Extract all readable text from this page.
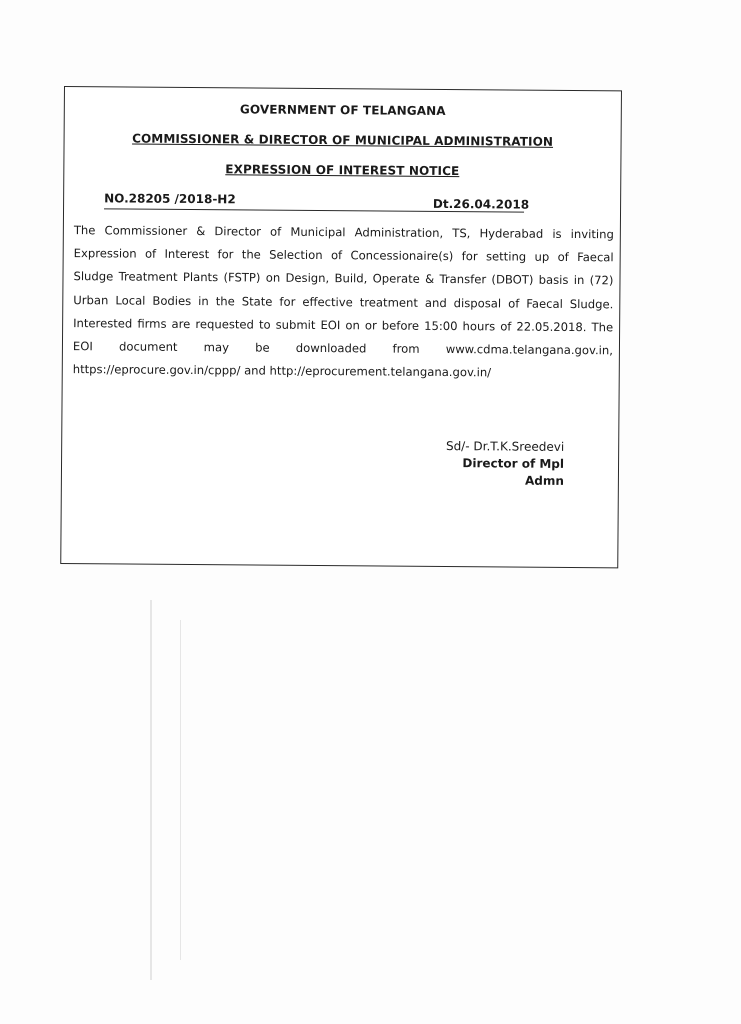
GOVERNMENT OF TELANGANA
COMMISSIONER & DIRECTOR OF MUNICIPAL ADMINISTRATION
EXPRESSION OF INTEREST NOTICE
NO.28205 /2018-H2	Dt.26.04.2018
The Commissioner & Director of Municipal Administration, TS, Hyderabad is inviting
Expression of Interest for the Selection of Concessionaire(s) for setting up of Faecal
Sludge Treatment Plants (FSTP) on Design, Build, Operate & Transfer (DBOT) basis in (72)
Urban Local Bodies in the State for effective treatment and disposal of Faecal Sludge.
Interested firms are requested to submit EOI on or before 15:00 hours of 22.05.2018. The
EOI document may be downloaded from www.cdma.telangana.gov.in,
https://eprocure.gov.in/cppp/ and http://eprocurement.telangana.gov.in/
Sd/- Dr.T.K.Sreedevi
Director of Mpl Admn
